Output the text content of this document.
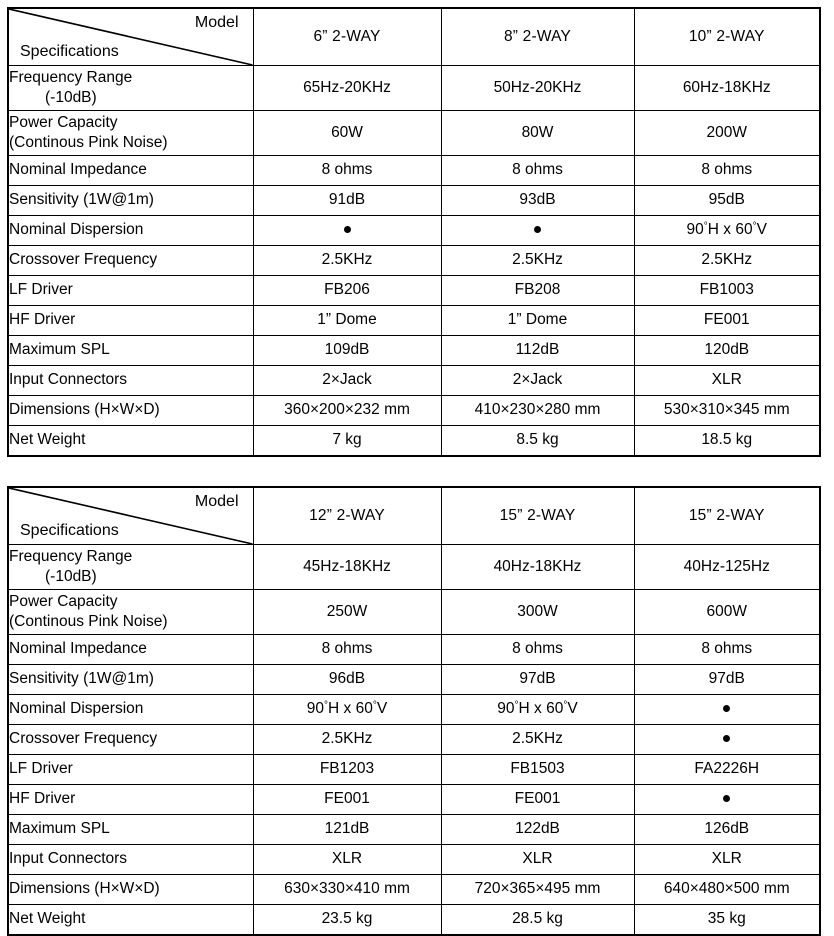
Model
Specifications	6” 2-WAY	8” 2-WAY	10” 2-WAY
Frequency Range
(-10dB)	65Hz-20KHz	50Hz-20KHz	60Hz-18KHz
Power Capacity
(Continous Pink Noise)	60W	80W	200W
Nominal Impedance	8 ohms	8 ohms	8 ohms
Sensitivity (1W@1m)	91dB	93dB	95dB
Nominal Dispersion			90°H x 60°V
Crossover Frequency	2.5KHz	2.5KHz	2.5KHz
LF Driver	FB206	FB208	FB1003
HF Driver	1” Dome	1” Dome	FE001
Maximum SPL	109dB	112dB	120dB
Input Connectors	2×Jack	2×Jack	XLR
Dimensions (H×W×D)	360×200×232 mm	410×230×280 mm	530×310×345 mm
Net Weight	7 kg	8.5 kg	18.5 kg
Model
Specifications	12” 2-WAY	15” 2-WAY	15” 2-WAY
Frequency Range
(-10dB)	45Hz-18KHz	40Hz-18KHz	40Hz-125Hz
Power Capacity
(Continous Pink Noise)	250W	300W	600W
Nominal Impedance	8 ohms	8 ohms	8 ohms
Sensitivity (1W@1m)	96dB	97dB	97dB
Nominal Dispersion	90°H x 60°V	90°H x 60°V	
Crossover Frequency	2.5KHz	2.5KHz	
LF Driver	FB1203	FB1503	FA2226H
HF Driver	FE001	FE001	
Maximum SPL	121dB	122dB	126dB
Input Connectors	XLR	XLR	XLR
Dimensions (H×W×D)	630×330×410 mm	720×365×495 mm	640×480×500 mm
Net Weight	23.5 kg	28.5 kg	35 kg
